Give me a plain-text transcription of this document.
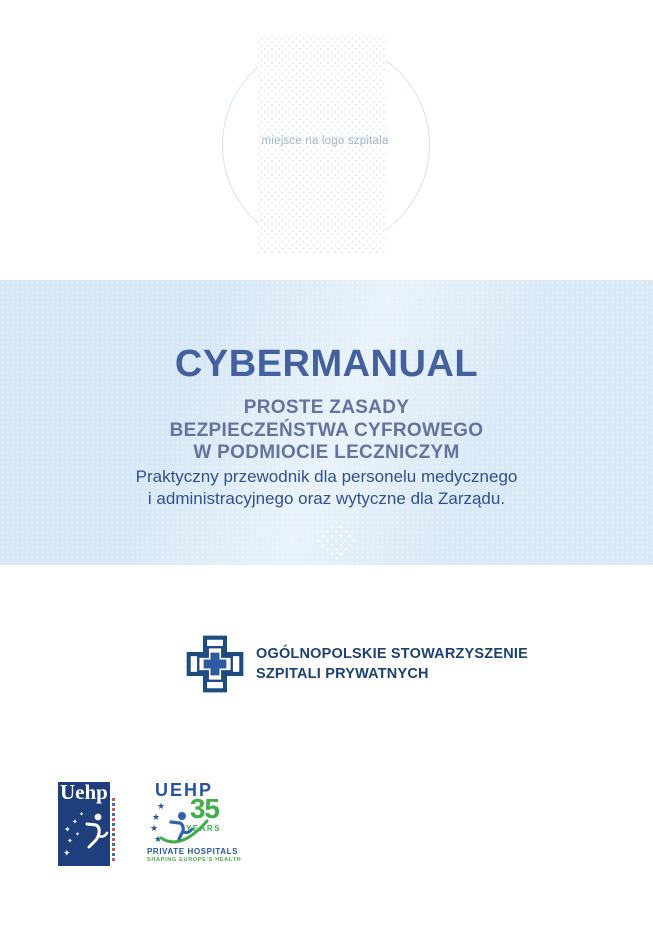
miejsce na logo szpitala
CYBERMANUAL
PROSTE ZASADY
BEZPIECZEŃSTWA CYFROWEGO
W PODMIOCIE LECZNICZYM
Praktyczny przewodnik dla personelu medycznego
i administracyjnego oraz wytyczne dla Zarządu.
OGÓLNOPOLSKIE STOWARZYSZENIE
SZPITALI PRYWATNYCH
Uehp
✦
✦
✦
✦
✦
✦
UEHP
★
★
★
★
35
YEARS
PRIVATE HOSPITALS
SHAPING EUROPE'S HEALTH
